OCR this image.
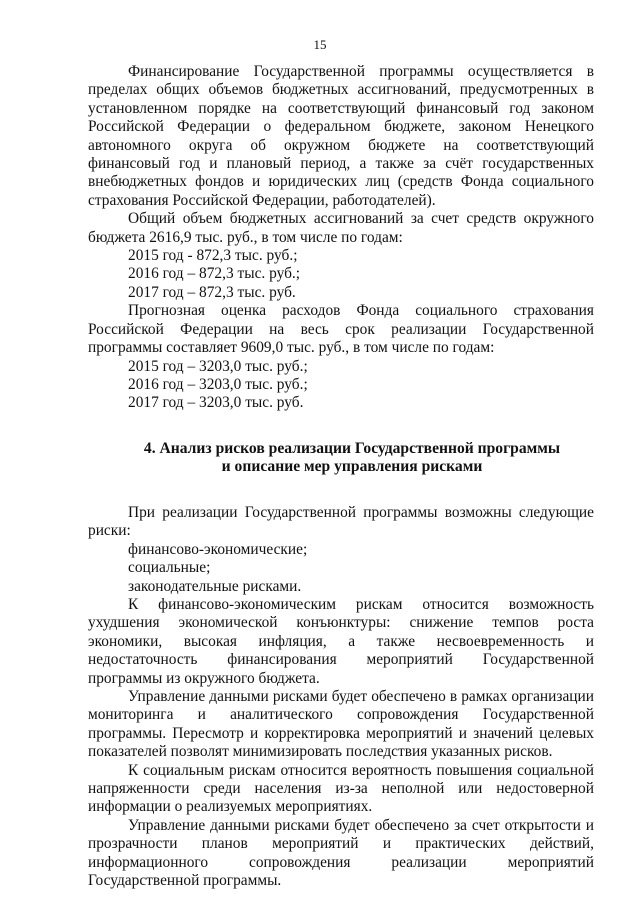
15

Финансирование Государственной программы осуществляется в пределах общих объемов бюджетных ассигнований, предусмотренных в установленном порядке на соответствующий финансовый год законом Российской Федерации о федеральном бюджете, законом Ненецкого автономного округа об окружном бюджете на соответствующий финансовый год и плановый период, а также за счёт государственных внебюджетных фондов и юридических лиц (средств Фонда социального страхования Российской Федерации, работодателей).

Общий объем бюджетных ассигнований за счет средств окружного бюджета 2616,9 тыс. руб., в том числе по годам:

2015 год - 872,3 тыс. руб.;

2016 год – 872,3 тыс. руб.;

2017 год – 872,3 тыс. руб.

Прогнозная оценка расходов Фонда социального страхования Российской Федерации на весь срок реализации Государственной программы составляет 9609,0 тыс. руб., в том числе по годам:

2015 год – 3203,0 тыс. руб.;

2016 год – 3203,0 тыс. руб.;

2017 год – 3203,0 тыс. руб.

4. Анализ рисков реализации Государственной программы
и описание мер управления рисками

При реализации Государственной программы возможны следующие риски:

финансово-экономические;

социальные;

законодательные рисками.

К финансово-экономическим рискам относится возможность ухудшения экономической конъюнктуры: снижение темпов роста экономики, высокая инфляция, а также несвоевременность и недостаточность финансирования мероприятий Государственной программы из окружного бюджета.

Управление данными рисками будет обеспечено в рамках организации мониторинга и аналитического сопровождения Государственной программы. Пересмотр и корректировка мероприятий и значений целевых показателей позволят минимизировать последствия указанных рисков.

К социальным рискам относится вероятность повышения социальной напряженности среди населения из-за неполной или недостоверной информации о реализуемых мероприятиях.

Управление данными рисками будет обеспечено за счет открытости и прозрачности планов мероприятий и практических действий, информационного сопровождения реализации мероприятий Государственной программы.
